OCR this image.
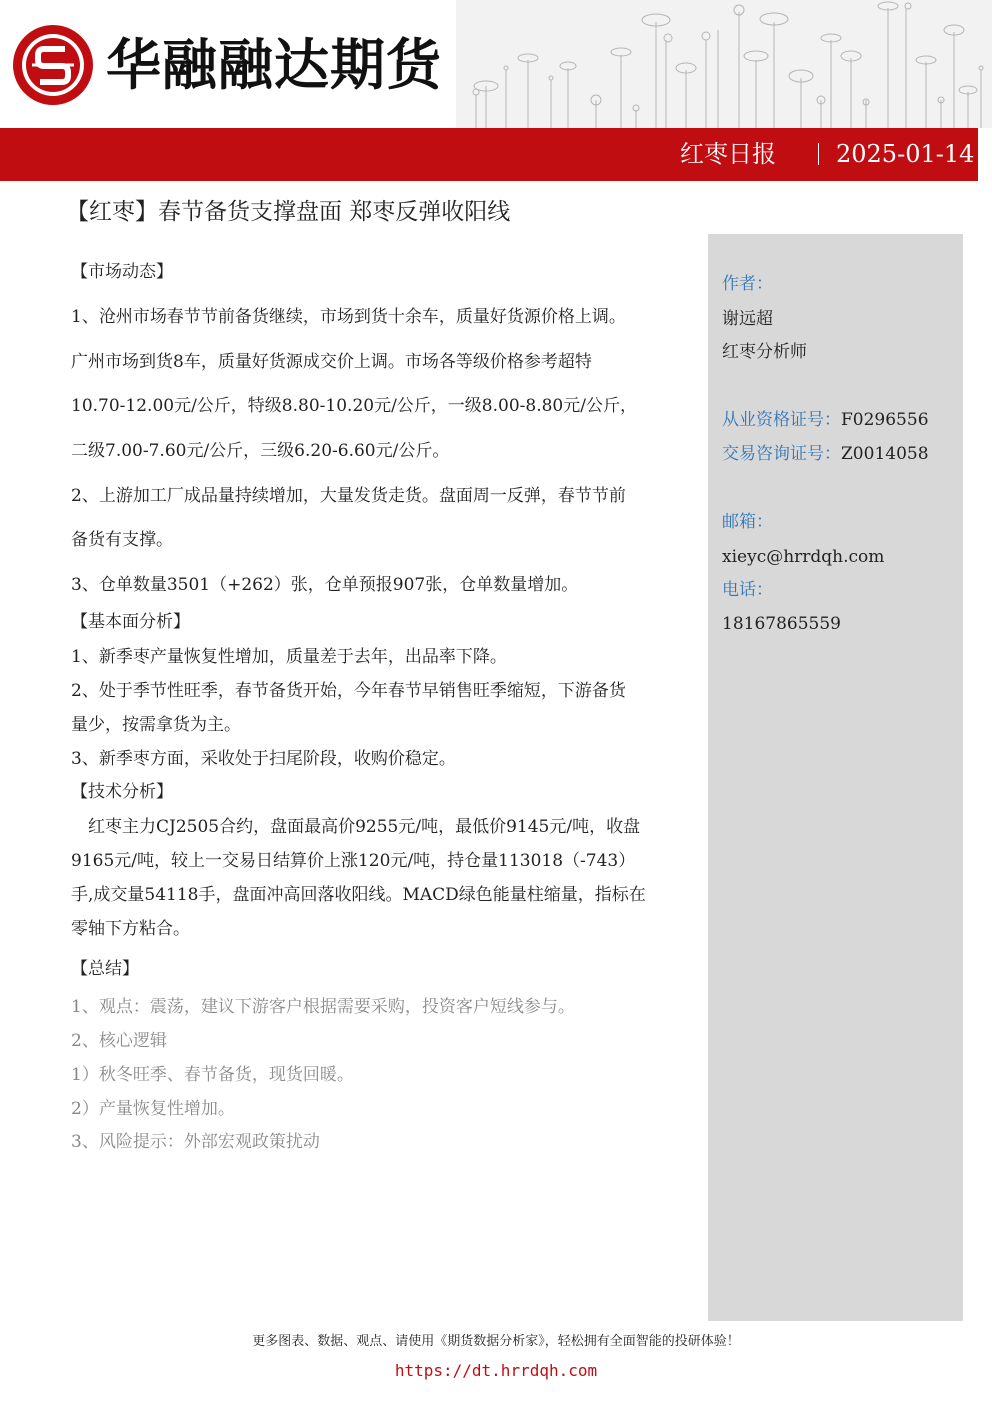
华融融达期货
红枣日报	2025-01-14
【红枣】春节备货支撑盘面 郑枣反弹收阳线
作者：
谢远超
红枣分析师
从业资格证号：F0296556
交易咨询证号：Z0014058
邮箱：
xieyc@hrrdqh.com
电话：
18167865559
【市场动态】
1、沧州市场春节节前备货继续，市场到货十余车，质量好货源价格上调。
广州市场到货8车，质量好货源成交价上调。市场各等级价格参考超特
10.70-12.00元/公斤，特级8.80-10.20元/公斤，一级8.00-8.80元/公斤，
二级7.00-7.60元/公斤，三级6.20-6.60元/公斤。
2、上游加工厂成品量持续增加，大量发货走货。盘面周一反弹，春节节前
备货有支撑。
3、仓单数量3501（+262）张，仓单预报907张，仓单数量增加。
【基本面分析】
1、新季枣产量恢复性增加，质量差于去年，出品率下降。
2、处于季节性旺季，春节备货开始，今年春节早销售旺季缩短，下游备货
量少，按需拿货为主。
3、新季枣方面，采收处于扫尾阶段，收购价稳定。
【技术分析】
　红枣主力CJ2505合约，盘面最高价9255元/吨，最低价9145元/吨，收盘
9165元/吨，较上一交易日结算价上涨120元/吨，持仓量113018（-743）
手,成交量54118手，盘面冲高回落收阳线。MACD绿色能量柱缩量，指标在
零轴下方粘合。
【总结】
1、观点：震荡，建议下游客户根据需要采购，投资客户短线参与。
2、核心逻辑
1）秋冬旺季、春节备货，现货回暖。
2）产量恢复性增加。
3、风险提示：外部宏观政策扰动
更多图表、数据、观点、请使用《期货数据分析家》，轻松拥有全面智能的投研体验！
https://dt.hrrdqh.com
